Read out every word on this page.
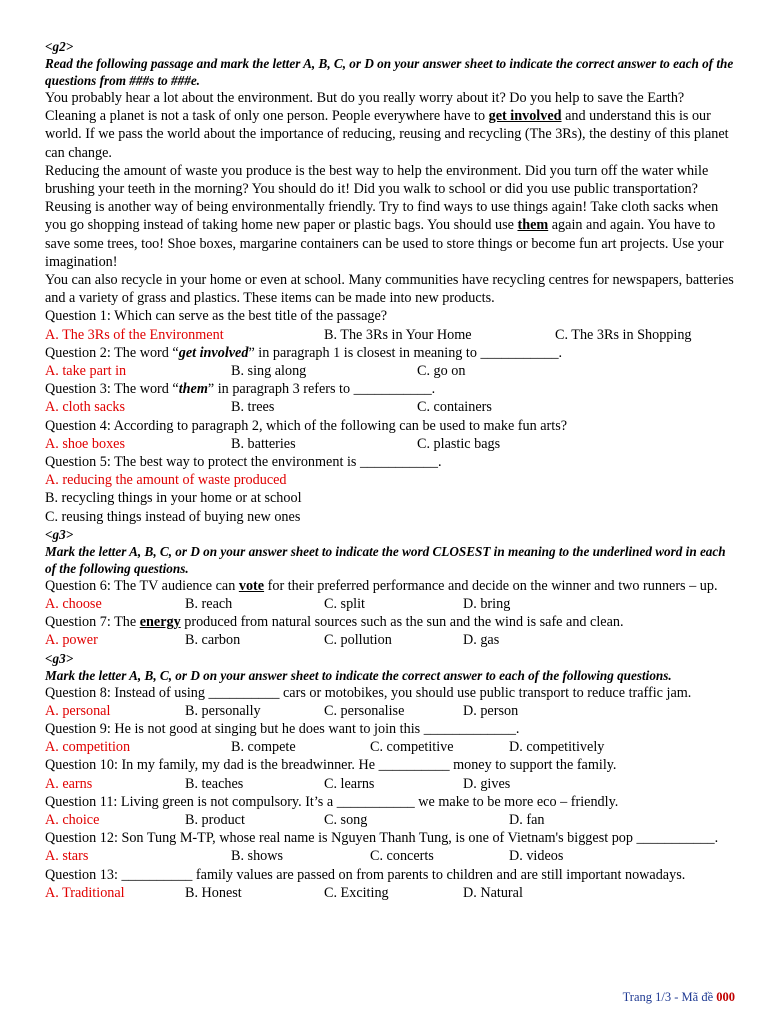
<g2>
Read the following passage and mark the letter A, B, C, or D on your answer sheet to indicate the correct answer to each of the questions from ###s to ###e.
You probably hear a lot about the environment. But do you really worry about it? Do you help to save the Earth? Cleaning a planet is not a task of only one person. People everywhere have to get involved and understand this is our world. If we pass the world about the importance of reducing, reusing and recycling (The 3Rs), the destiny of this planet can change.
Reducing the amount of waste you produce is the best way to help the environment. Did you turn off the water while brushing your teeth in the morning? You should do it! Did you walk to school or did you use public transportation?
Reusing is another way of being environmentally friendly. Try to find ways to use things again! Take cloth sacks when you go shopping instead of taking home new paper or plastic bags. You should use them again and again. You have to save some trees, too! Shoe boxes, margarine containers can be used to store things or become fun art projects. Use your imagination!
You can also recycle in your home or even at school. Many communities have recycling centres for newspapers, batteries and a variety of grass and plastics. These items can be made into new products.
Question 1: Which can serve as the best title of the passage?
A. The 3Rs of the Environment	B. The 3Rs in Your Home	C. The 3Rs in Shopping
Question 2: The word “get involved” in paragraph 1 is closest in meaning to ___________.
A. take part in	B. sing along	C. go on
Question 3: The word “them” in paragraph 3 refers to ___________.
A. cloth sacks	B. trees	C. containers
Question 4: According to paragraph 2, which of the following can be used to make fun arts?
A. shoe boxes	B. batteries	C. plastic bags
Question 5: The best way to protect the environment is ___________.
A. reducing the amount of waste produced
B. recycling things in your home or at school
C. reusing things instead of buying new ones
<g3>
Mark the letter A, B, C, or D on your answer sheet to indicate the word CLOSEST in meaning to the underlined word in each of the following questions.
Question 6: The TV audience can vote for their preferred performance and decide on the winner and two runners – up.
A. choose	B. reach	C. split	D. bring
Question 7: The energy produced from natural sources such as the sun and the wind is safe and clean.
A. power	B. carbon	C. pollution	D. gas
<g3>
Mark the letter A, B, C, or D on your answer sheet to indicate the correct answer to each of the following questions.
Question 8: Instead of using __________ cars or motobikes, you should use public transport to reduce traffic jam.
A. personal	B. personally	C. personalise	D. person
Question 9: He is not good at singing but he does want to join this _____________.
A. competition	B. compete	C. competitive	D. competitively
Question 10: In my family, my dad is the breadwinner. He __________ money to support the family.
A. earns	B. teaches	C. learns	D. gives
Question 11: Living green is not compulsory. It’s a ___________ we make to be more eco – friendly.
A. choice	B. product	C. song	D. fan
Question 12: Son Tung M-TP, whose real name is Nguyen Thanh Tung, is one of Vietnam's biggest pop ___________.
A. stars	B. shows	C. concerts	D. videos
Question 13: __________ family values are passed on from parents to children and are still important nowadays.
A. Traditional	B. Honest	C. Exciting	D. Natural
Trang 1/3 - Mã đề 000
